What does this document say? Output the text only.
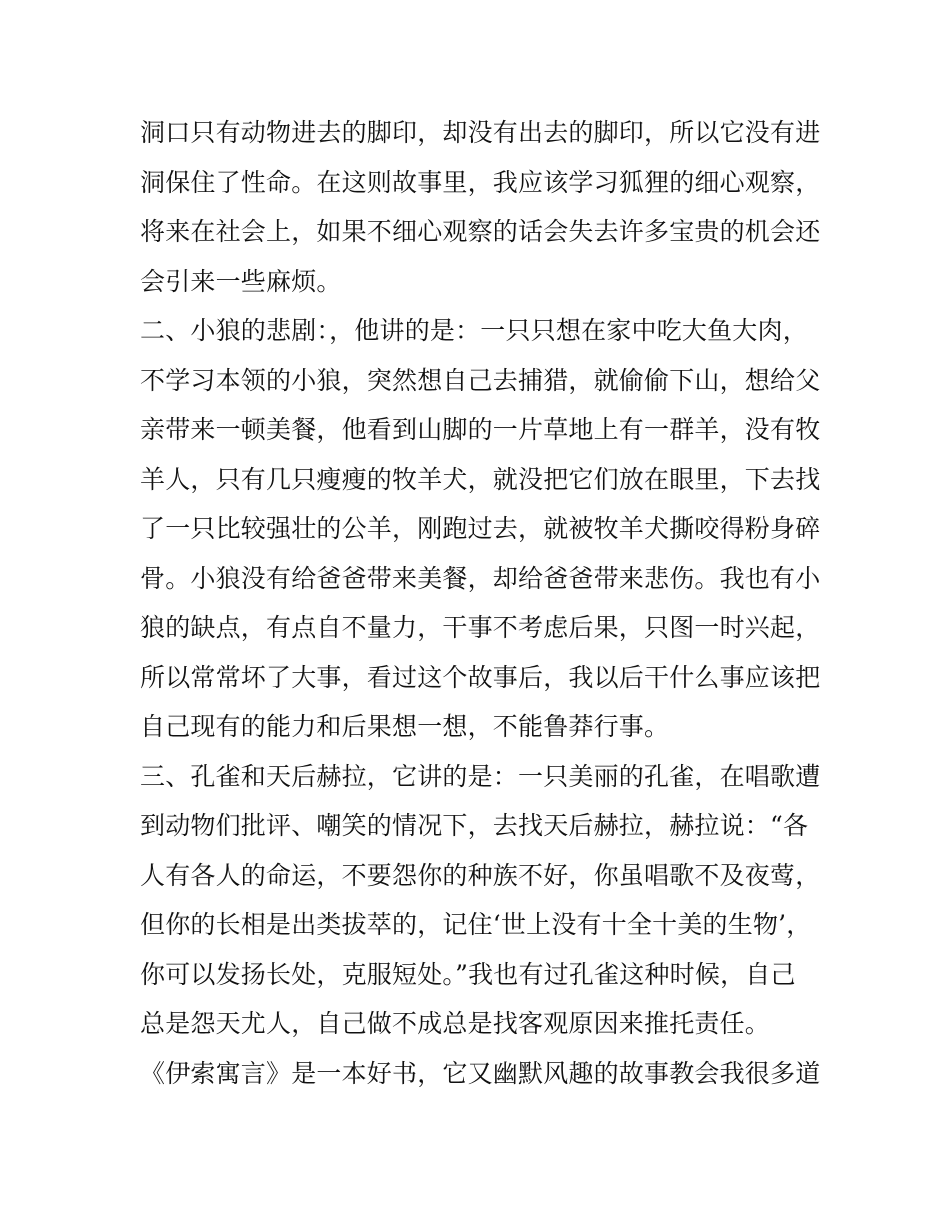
洞口只有动物进去的脚印，却没有出去的脚印，所以它没有进
洞保住了性命。在这则故事里，我应该学习狐狸的细心观察，
将来在社会上，如果不细心观察的话会失去许多宝贵的机会还
会引来一些麻烦。
二、小狼的悲剧：，他讲的是：一只只想在家中吃大鱼大肉，
不学习本领的小狼，突然想自己去捕猎，就偷偷下山，想给父
亲带来一顿美餐，他看到山脚的一片草地上有一群羊，没有牧
羊人，只有几只瘦瘦的牧羊犬，就没把它们放在眼里，下去找
了一只比较强壮的公羊，刚跑过去，就被牧羊犬撕咬得粉身碎
骨。小狼没有给爸爸带来美餐，却给爸爸带来悲伤。我也有小
狼的缺点，有点自不量力，干事不考虑后果，只图一时兴起，
所以常常坏了大事，看过这个故事后，我以后干什么事应该把
自己现有的能力和后果想一想，不能鲁莽行事。
三、孔雀和天后赫拉，它讲的是：一只美丽的孔雀，在唱歌遭
到动物们批评、嘲笑的情况下，去找天后赫拉，赫拉说：“各
人有各人的命运，不要怨你的种族不好，你虽唱歌不及夜莺，
但你的长相是出类拔萃的，记住‘世上没有十全十美的生物’，
你可以发扬长处，克服短处。”我也有过孔雀这种时候，自己
总是怨天尤人，自己做不成总是找客观原因来推托责任。
《伊索寓言》是一本好书，它又幽默风趣的故事教会我很多道
